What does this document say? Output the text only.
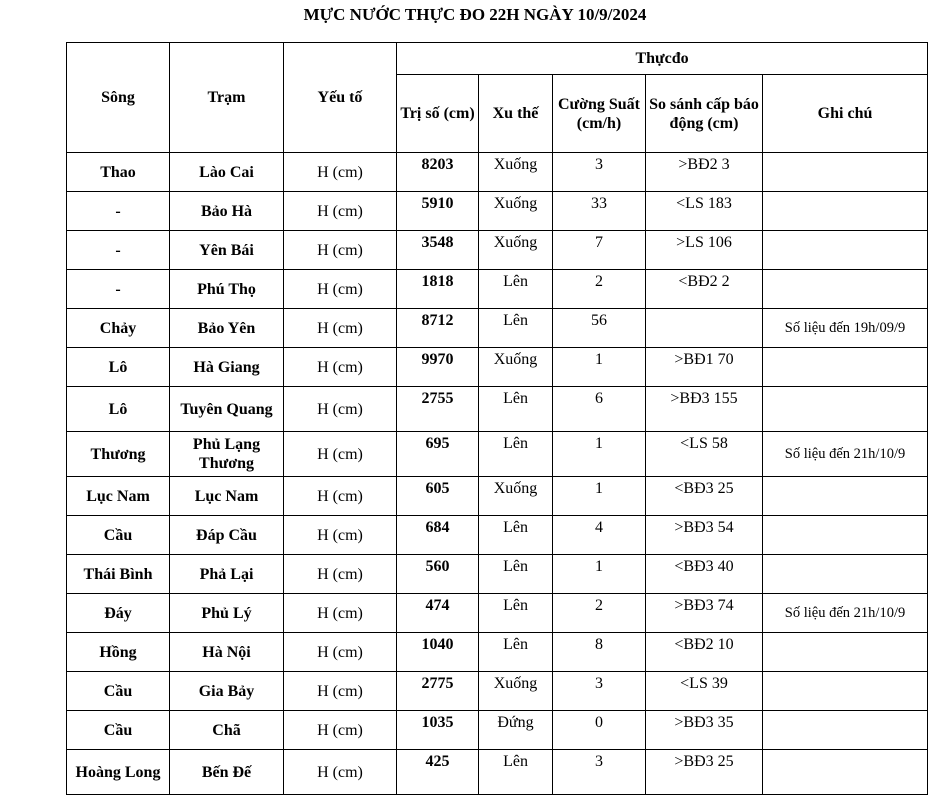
MỰC NƯỚC THỰC ĐO 22H NGÀY 10/9/2024
Sông	Trạm	Yếu tố	Thựcđo				
			Trị số (cm)	Xu thế	Cường Suất (cm/h)	So sánh cấp báo động (cm)	Ghi chú
Thao	Lào Cai	H (cm)	8203	Xuống	3	>BĐ2 3	
-	Bảo Hà	H (cm)	5910	Xuống	33	<LS 183	
-	Yên Bái	H (cm)	3548	Xuống	7	>LS 106	
-	Phú Thọ	H (cm)	1818	Lên	2	<BĐ2 2	
Chảy	Bảo Yên	H (cm)	8712	Lên	56		Số liệu đến 19h/09/9
Lô	Hà Giang	H (cm)	9970	Xuống	1	>BĐ1 70	
Lô	Tuyên Quang	H (cm)	2755	Lên	6	>BĐ3 155	
Thương	Phủ Lạng Thương	H (cm)	695	Lên	1	<LS 58	Số liệu đến 21h/10/9
Lục Nam	Lục Nam	H (cm)	605	Xuống	1	<BĐ3 25	
Cầu	Đáp Cầu	H (cm)	684	Lên	4	>BĐ3 54	
Thái Bình	Phả Lại	H (cm)	560	Lên	1	<BĐ3 40	
Đáy	Phủ Lý	H (cm)	474	Lên	2	>BĐ3 74	Số liệu đến 21h/10/9
Hồng	Hà Nội	H (cm)	1040	Lên	8	<BĐ2 10	
Cầu	Gia Bảy	H (cm)	2775	Xuống	3	<LS 39	
Cầu	Chã	H (cm)	1035	Đứng	0	>BĐ3 35	
Hoàng Long	Bến Đế	H (cm)	425	Lên	3	>BĐ3 25	
